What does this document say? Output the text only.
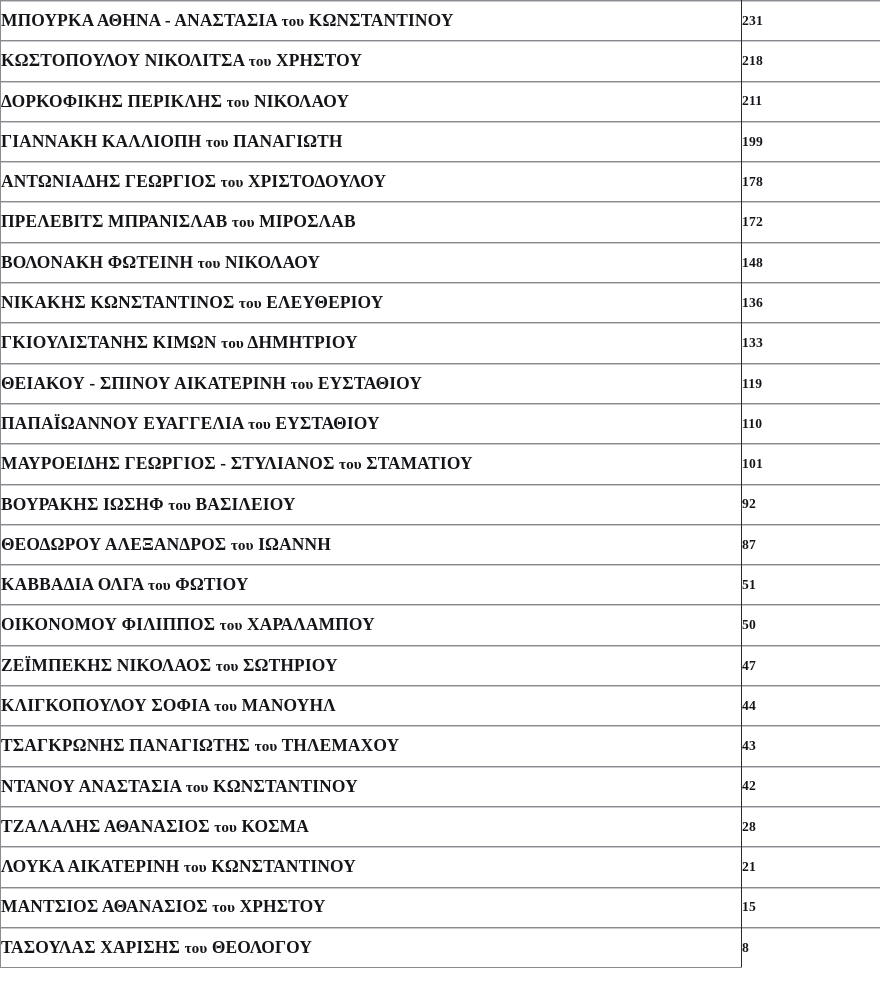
ΜΠΟΥΡΚΑ ΑΘΗΝΑ - ΑΝΑΣΤΑΣΙΑ του ΚΩΝΣΤΑΝΤΙΝΟΥ	231

ΚΩΣΤΟΠΟΥΛΟΥ ΝΙΚΟΛΙΤΣΑ του ΧΡΗΣΤΟΥ	218

ΔΟΡΚΟΦΙΚΗΣ ΠΕΡΙΚΛΗΣ του ΝΙΚΟΛΑΟΥ	211

ΓΙΑΝΝΑΚΗ ΚΑΛΛΙΟΠΗ του ΠΑΝΑΓΙΩΤΗ	199

ΑΝΤΩΝΙΑΔΗΣ ΓΕΩΡΓΙΟΣ του ΧΡΙΣΤΟΔΟΥΛΟΥ	178

ΠΡΕΛΕΒΙΤΣ ΜΠΡΑΝΙΣΛΑΒ του ΜΙΡΟΣΛΑΒ	172

ΒΟΛΟΝΑΚΗ ΦΩΤΕΙΝΗ του ΝΙΚΟΛΑΟΥ	148

ΝΙΚΑΚΗΣ ΚΩΝΣΤΑΝΤΙΝΟΣ του ΕΛΕΥΘΕΡΙΟΥ	136

ΓΚΙΟΥΛΙΣΤΑΝΗΣ ΚΙΜΩΝ του ΔΗΜΗΤΡΙΟΥ	133

ΘΕΙΑΚΟΥ - ΣΠΙΝΟΥ ΑΙΚΑΤΕΡΙΝΗ του ΕΥΣΤΑΘΙΟΥ	119

ΠΑΠΑΪΩΑΝΝΟΥ ΕΥΑΓΓΕΛΙΑ του ΕΥΣΤΑΘΙΟΥ	110

ΜΑΥΡΟΕΙΔΗΣ ΓΕΩΡΓΙΟΣ - ΣΤΥΛΙΑΝΟΣ του ΣΤΑΜΑΤΙΟΥ	101

ΒΟΥΡΑΚΗΣ ΙΩΣΗΦ του ΒΑΣΙΛΕΙΟΥ	92

ΘΕΟΔΩΡΟΥ ΑΛΕΞΑΝΔΡΟΣ του ΙΩΑΝΝΗ	87

ΚΑΒΒΑΔΙΑ ΟΛΓΑ του ΦΩΤΙΟΥ	51

ΟΙΚΟΝΟΜΟΥ ΦΙΛΙΠΠΟΣ του ΧΑΡΑΛΑΜΠΟΥ	50

ΖΕΪΜΠΕΚΗΣ ΝΙΚΟΛΑΟΣ του ΣΩΤΗΡΙΟΥ	47

ΚΛΙΓΚΟΠΟΥΛΟΥ ΣΟΦΙΑ του ΜΑΝΟΥΗΛ	44

ΤΣΑΓΚΡΩΝΗΣ ΠΑΝΑΓΙΩΤΗΣ του ΤΗΛΕΜΑΧΟΥ	43

ΝΤΑΝΟΥ ΑΝΑΣΤΑΣΙΑ του ΚΩΝΣΤΑΝΤΙΝΟΥ	42

ΤΖΑΛΑΛΗΣ ΑΘΑΝΑΣΙΟΣ του ΚΟΣΜΑ	28

ΛΟΥΚΑ ΑΙΚΑΤΕΡΙΝΗ του ΚΩΝΣΤΑΝΤΙΝΟΥ	21

ΜΑΝΤΣΙΟΣ ΑΘΑΝΑΣΙΟΣ του ΧΡΗΣΤΟΥ	15

ΤΑΣΟΥΛΑΣ ΧΑΡΙΣΗΣ του ΘΕΟΛΟΓΟΥ	8
